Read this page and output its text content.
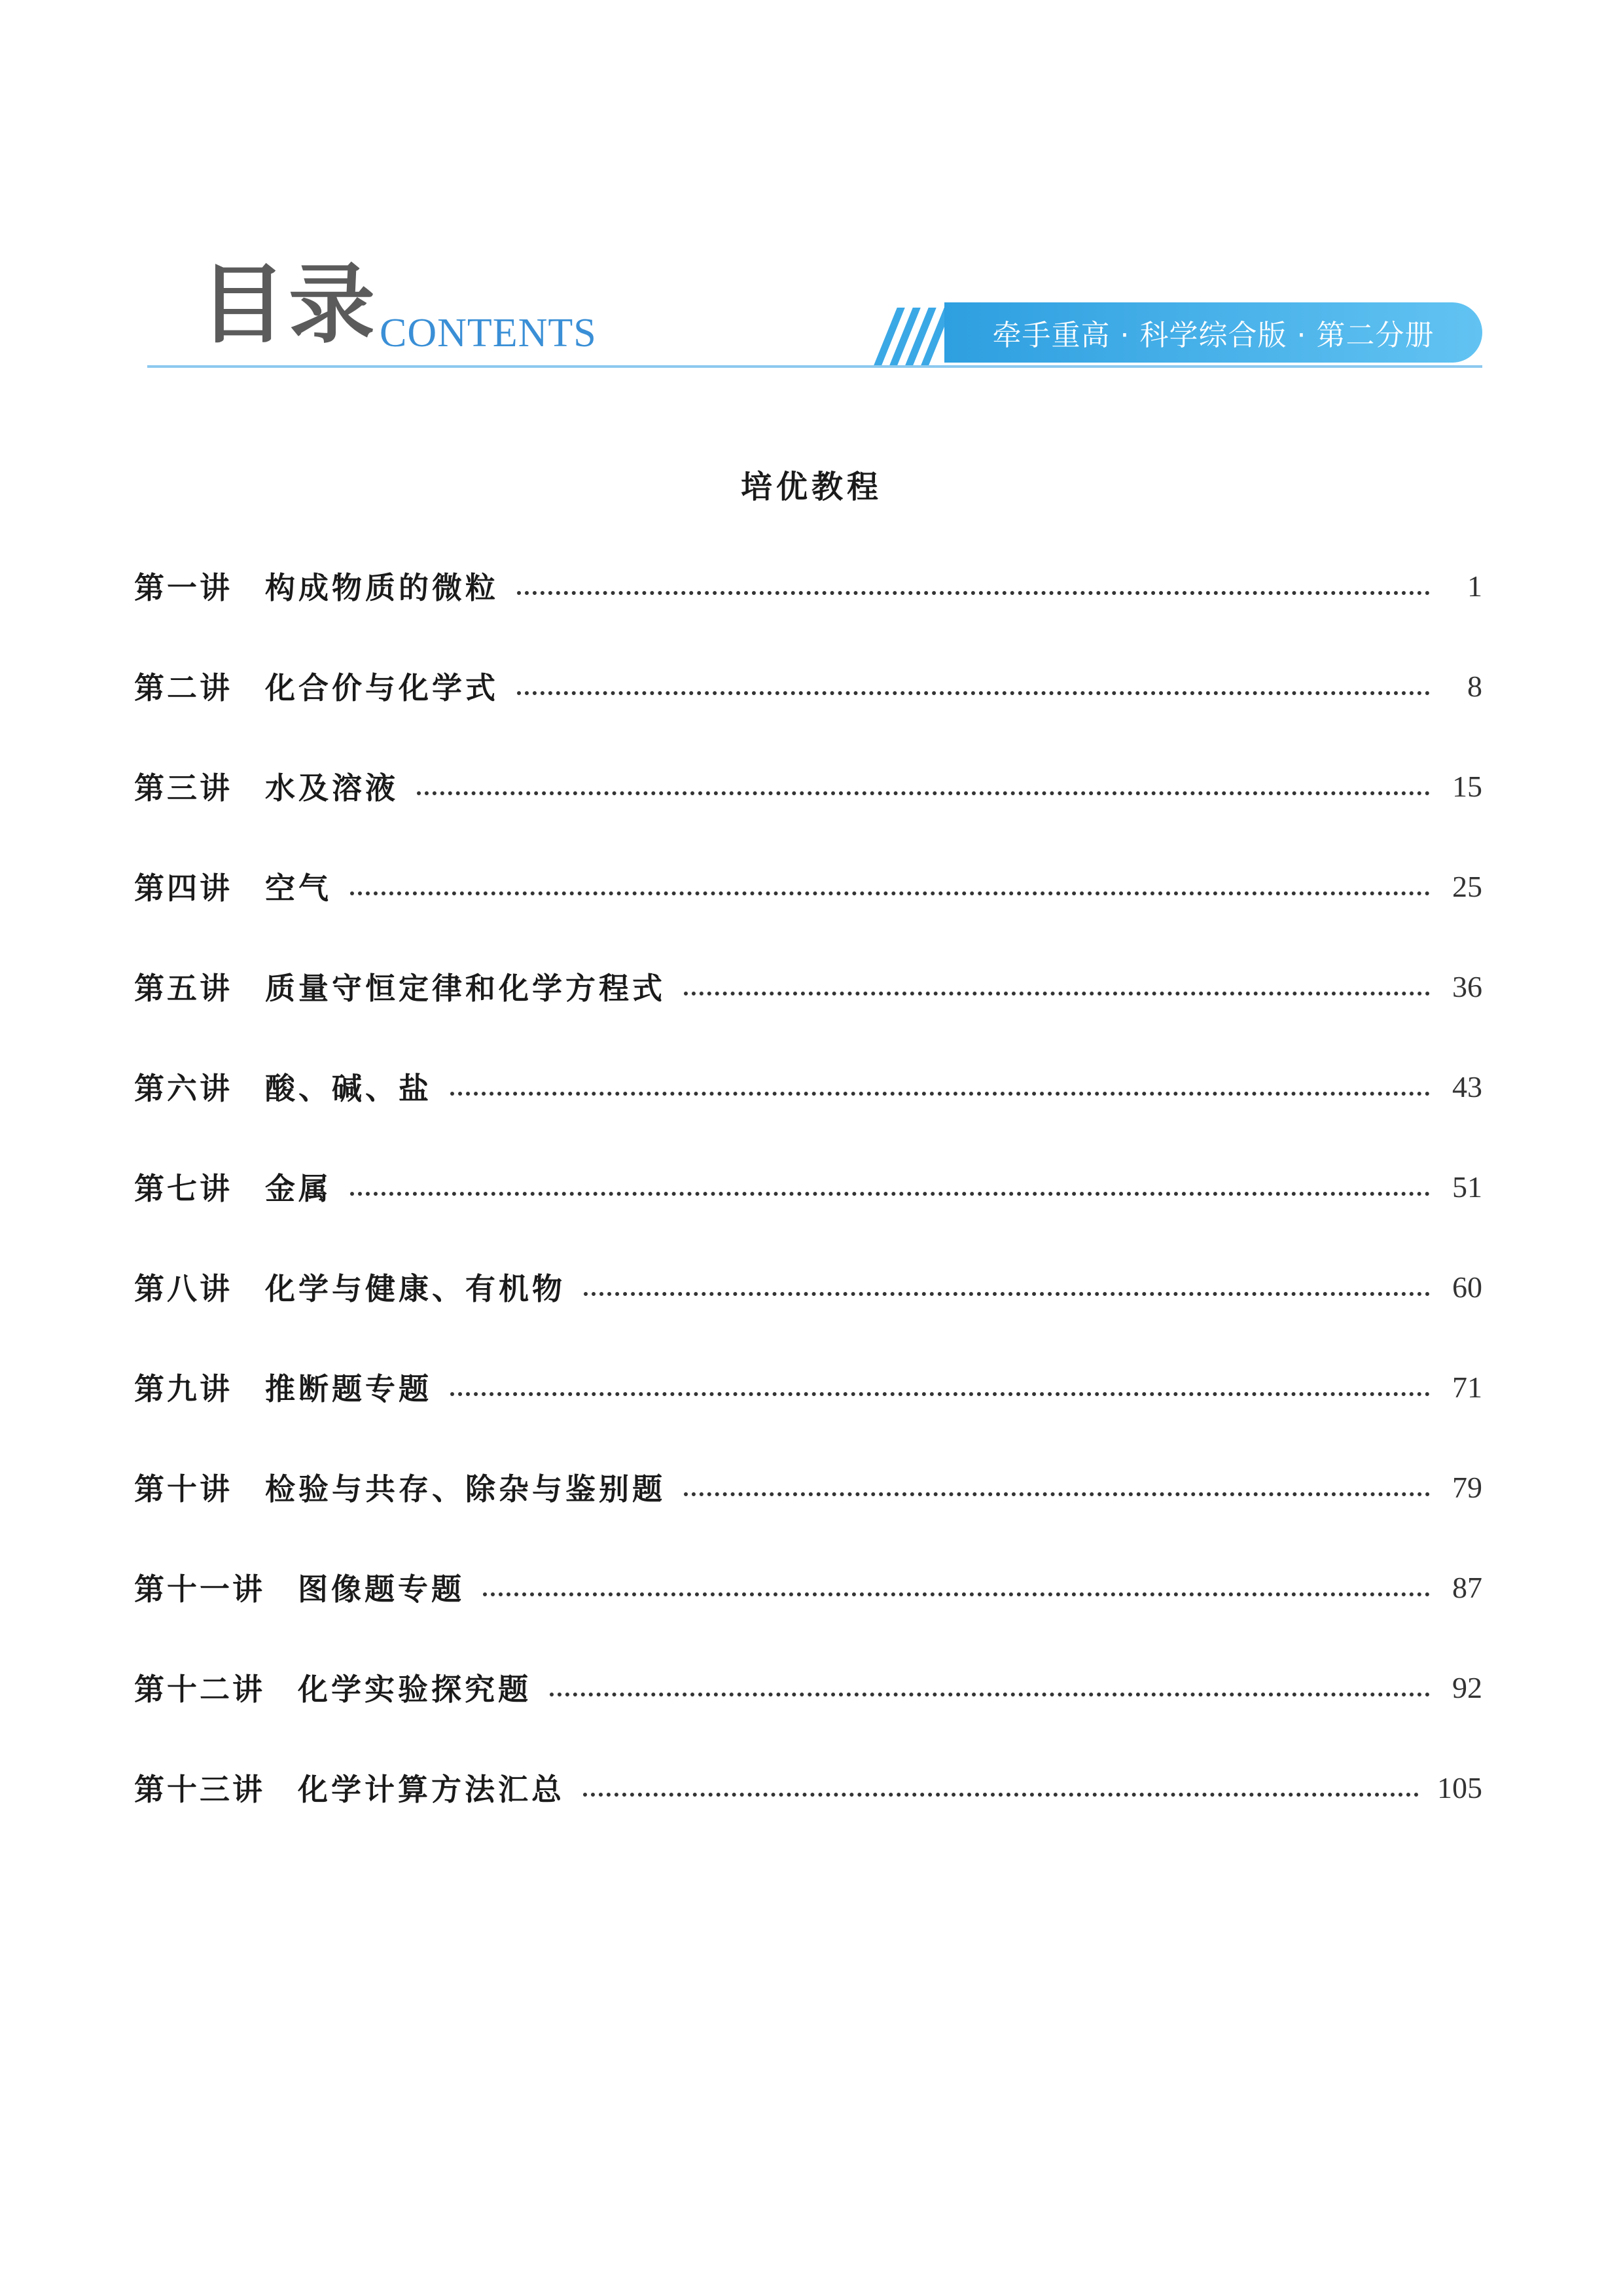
目录 CONTENTS	牵手重高 · 科学综合版 · 第二分册
培优教程
第一讲 构成物质的微粒	1
第二讲 化合价与化学式	8
第三讲 水及溶液	15
第四讲 空气	25
第五讲 质量守恒定律和化学方程式	36
第六讲 酸、碱、盐	43
第七讲 金属	51
第八讲 化学与健康、有机物	60
第九讲 推断题专题	71
第十讲 检验与共存、除杂与鉴别题	79
第十一讲 图像题专题	87
第十二讲 化学实验探究题	92
第十三讲 化学计算方法汇总	105
